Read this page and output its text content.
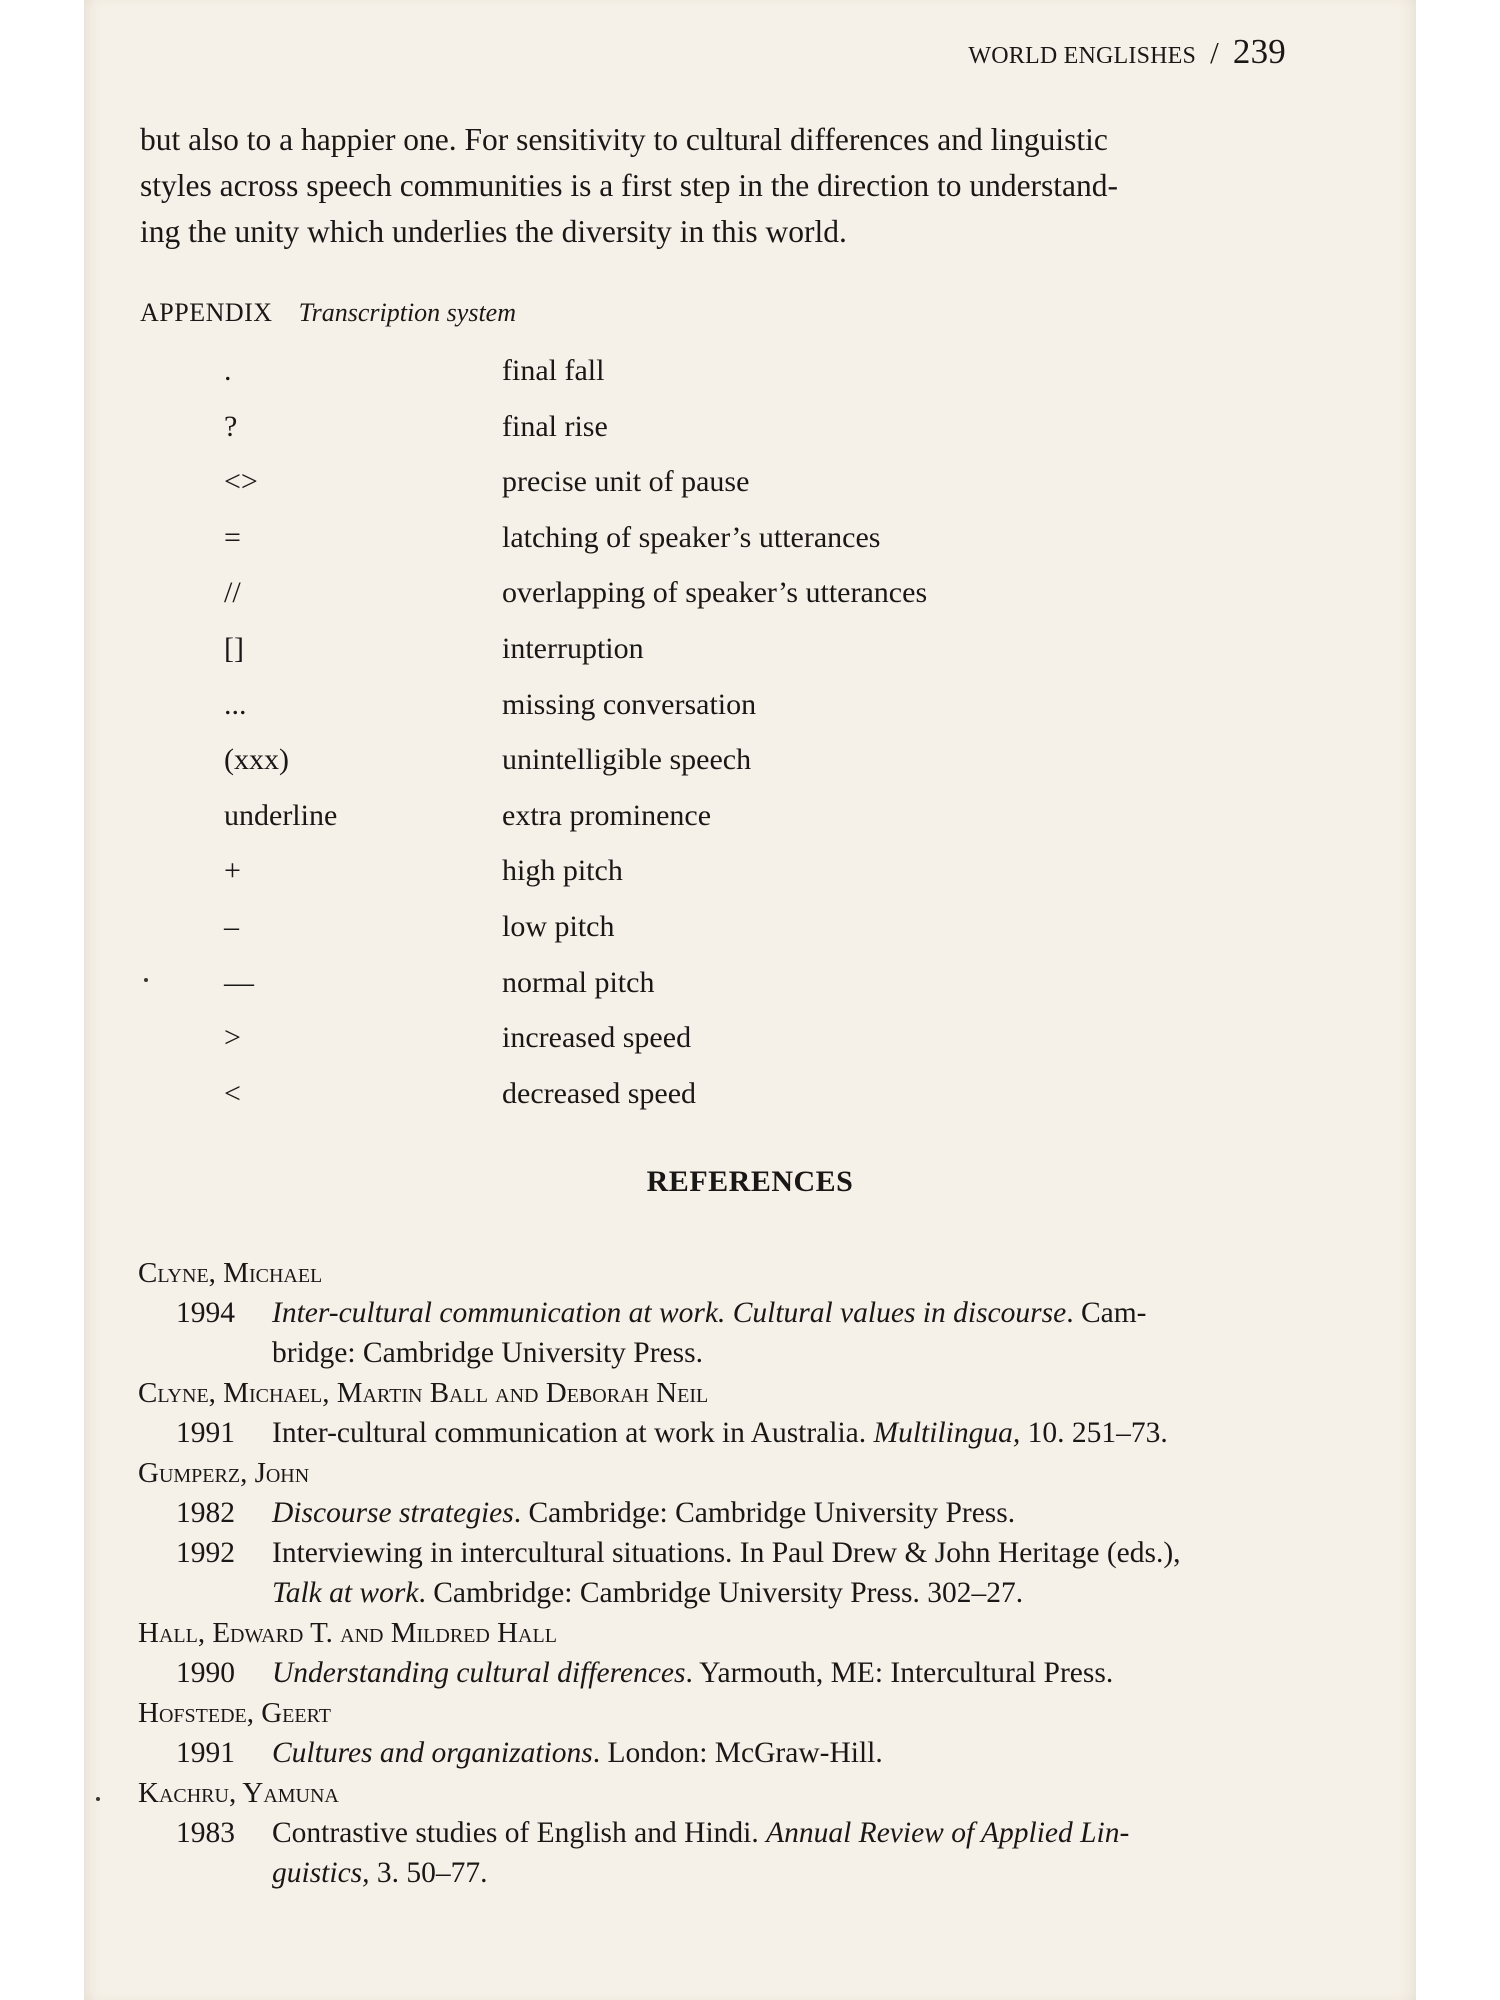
WORLD ENGLISHES / 239

but also to a happier one. For sensitivity to cultural differences and linguistic

styles across speech communities is a first step in the direction to understand-

ing the unity which underlies the diversity in this world.

APPENDIX Transcription system
.	final fall
?	final rise
<>	precise unit of pause
=	latching of speaker’s utterances
//	overlapping of speaker’s utterances
[]	interruption
...	missing conversation
(xxx)	unintelligible speech
underline	extra prominence
+	high pitch
–	low pitch
—	normal pitch
>	increased speed
<	decreased speed
REFERENCES
Clyne, Michael
1994 Inter-cultural communication at work. Cultural values in discourse. Cam-
bridge: Cambridge University Press.
Clyne, Michael, Martin Ball and Deborah Neil
1991 Inter-cultural communication at work in Australia. Multilingua, 10. 251–73.
Gumperz, John
1982 Discourse strategies. Cambridge: Cambridge University Press.
1992 Interviewing in intercultural situations. In Paul Drew & John Heritage (eds.),
Talk at work. Cambridge: Cambridge University Press. 302–27.
Hall, Edward T. and Mildred Hall
1990 Understanding cultural differences. Yarmouth, ME: Intercultural Press.
Hofstede, Geert
1991 Cultures and organizations. London: McGraw-Hill.
Kachru, Yamuna
1983 Contrastive studies of English and Hindi. Annual Review of Applied Lin-
guistics, 3. 50–77.
